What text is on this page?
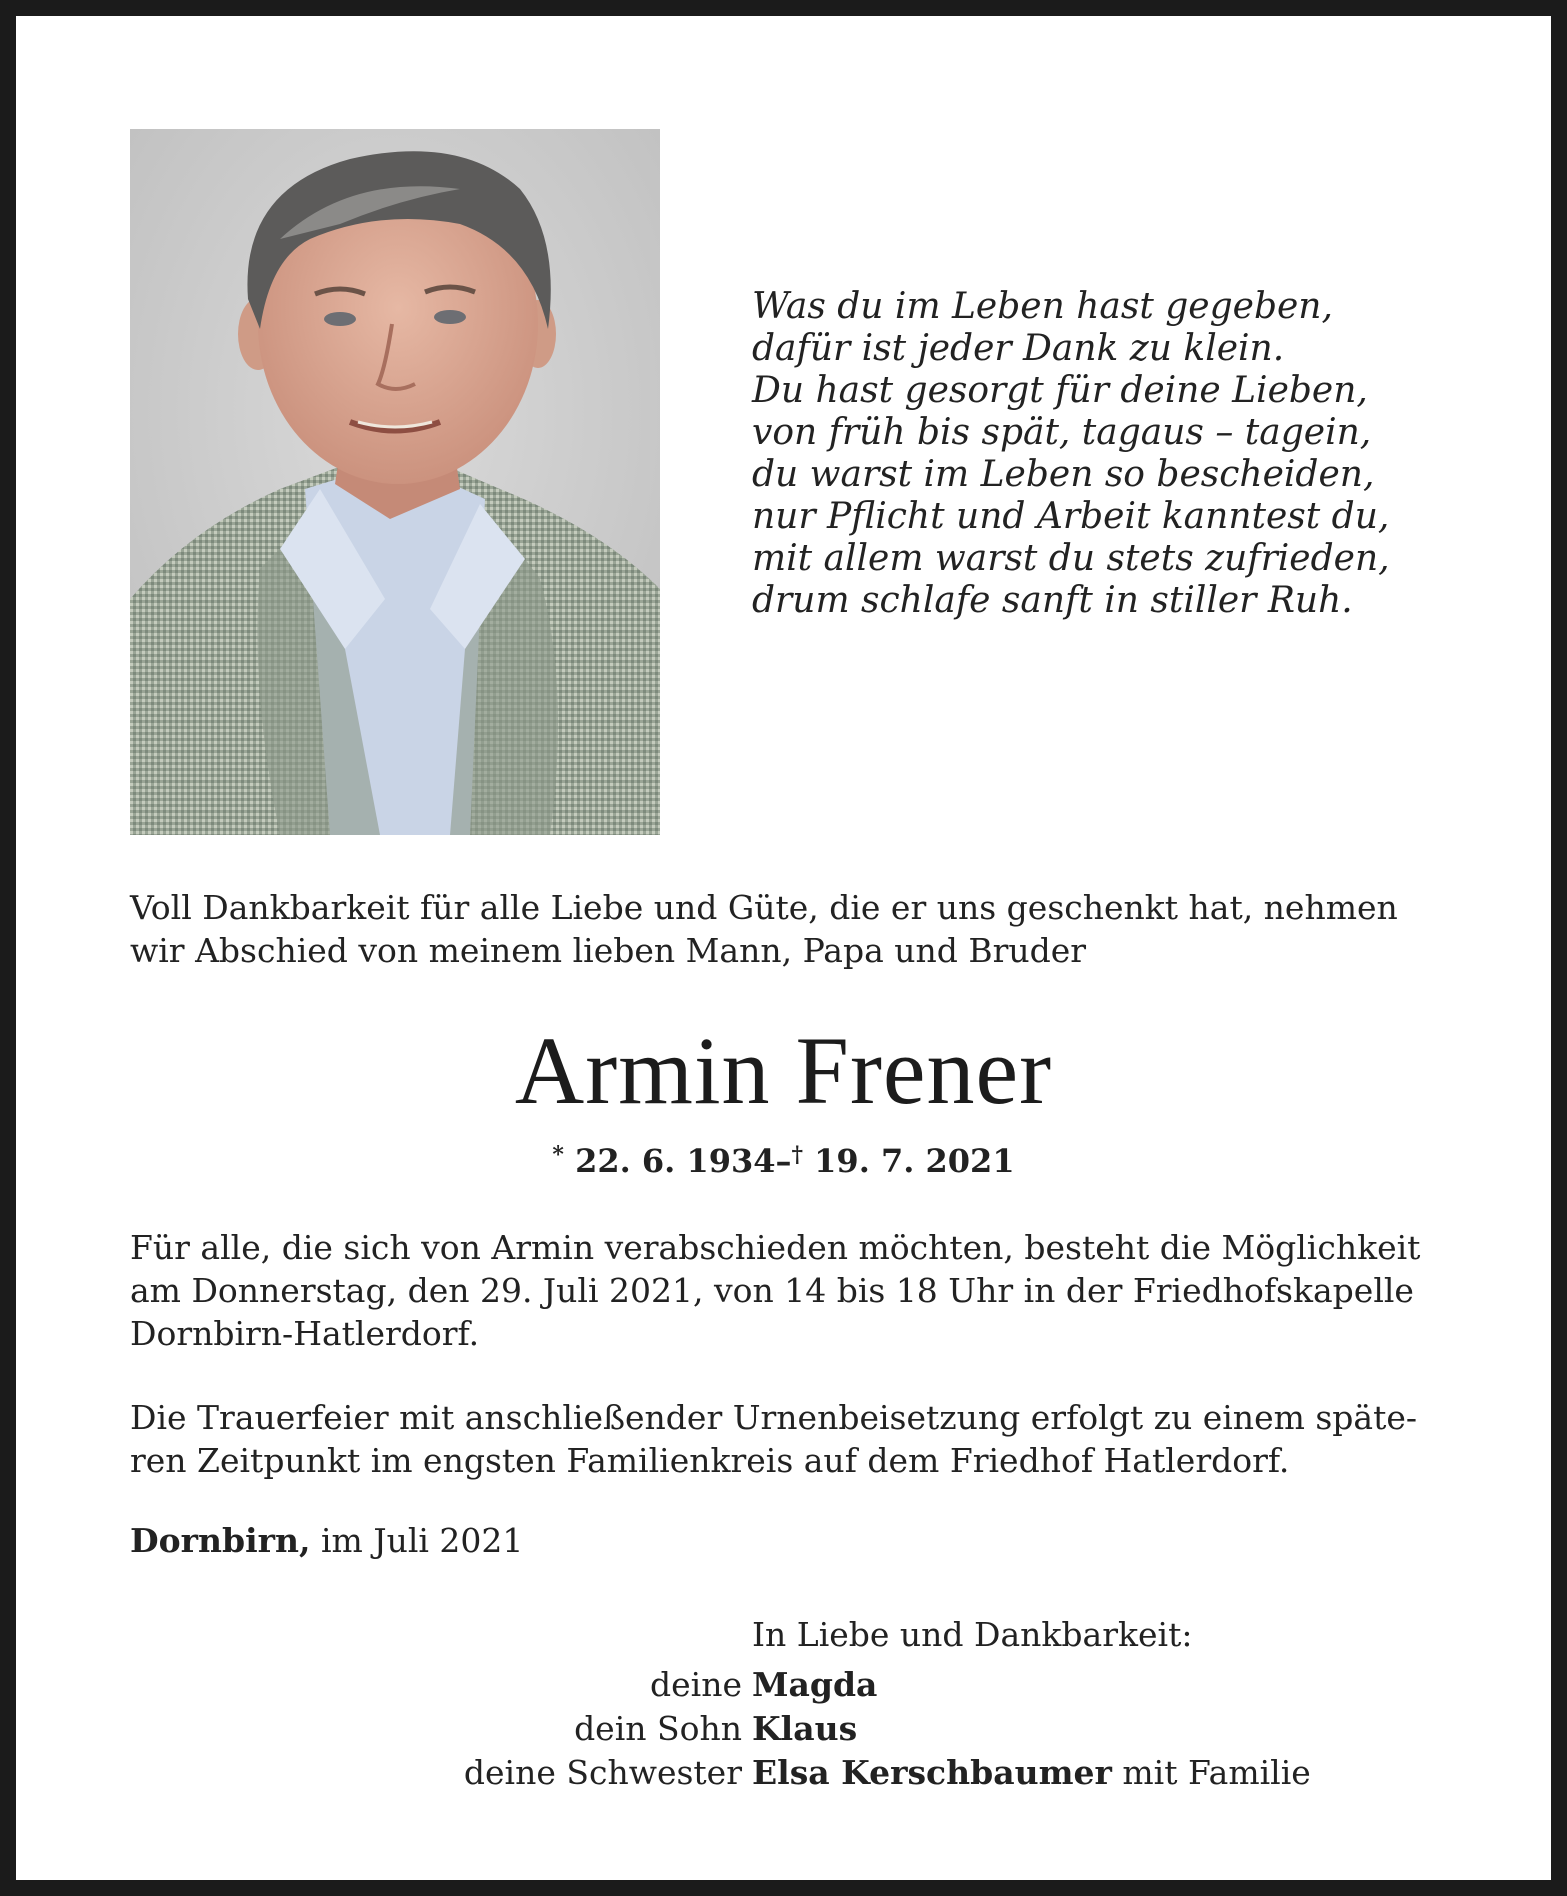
Was du im Leben hast gegeben,
dafür ist jeder Dank zu klein.
Du hast gesorgt für deine Lieben,
von früh bis spät, tagaus – tagein,
du warst im Leben so bescheiden,
nur Pflicht und Arbeit kanntest du,
mit allem warst du stets zufrieden,
drum schlafe sanft in stiller Ruh.
Voll Dankbarkeit für alle Liebe und Güte, die er uns geschenkt hat, nehmen
wir Abschied von meinem lieben Mann, Papa und Bruder
Armin Frener
* 22. 6. 1934–† 19. 7. 2021
Für alle, die sich von Armin verabschieden möchten, besteht die Möglichkeit
am Donnerstag, den 29. Juli 2021, von 14 bis 18 Uhr in der Friedhofskapelle
Dornbirn-Hatlerdorf.
Die Trauerfeier mit anschließender Urnenbeisetzung erfolgt zu einem späte-
ren Zeitpunkt im engsten Familienkreis auf dem Friedhof Hatlerdorf.
Dornbirn, im Juli 2021
In Liebe und Dankbarkeit:
deine Magda
dein Sohn Klaus
deine Schwester Elsa Kerschbaumer mit Familie
